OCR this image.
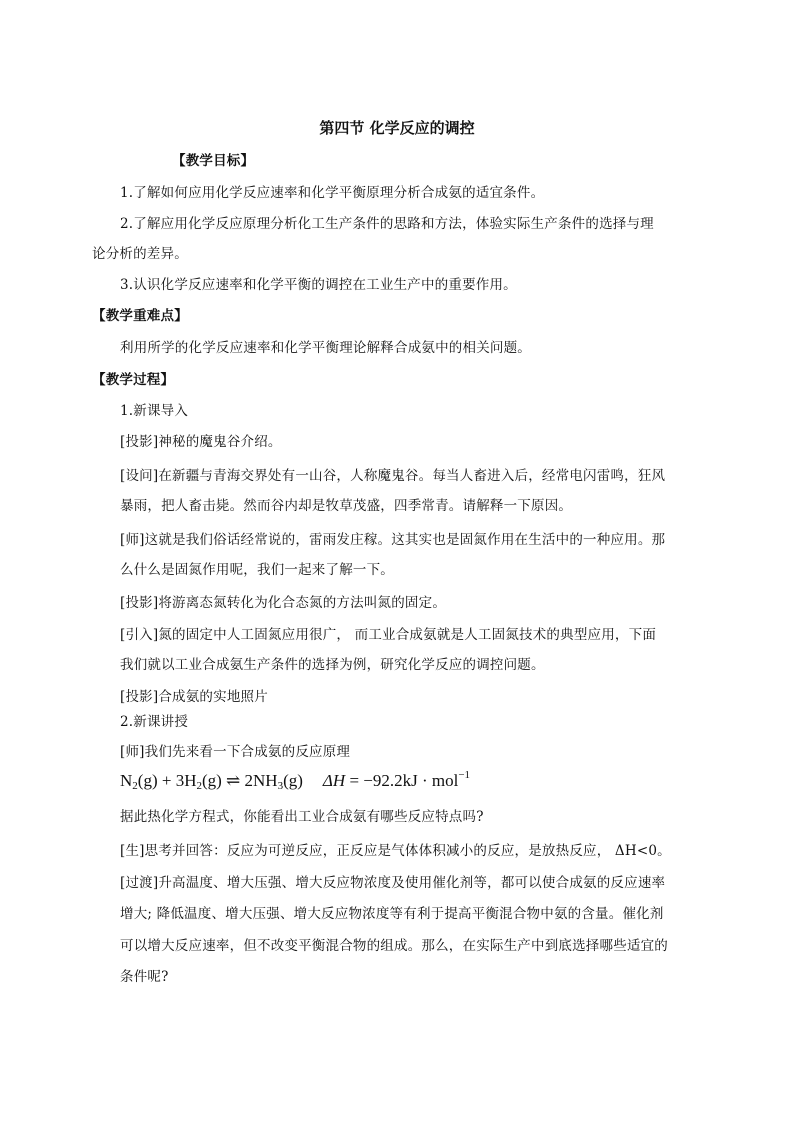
第四节 化学反应的调控

【教学目标】

1.了解如何应用化学反应速率和化学平衡原理分析合成氨的适宜条件。

2.了解应用化学反应原理分析化工生产条件的思路和方法，体验实际生产条件的选择与理

论分析的差异。

3.认识化学反应速率和化学平衡的调控在工业生产中的重要作用。

【教学重难点】

利用所学的化学反应速率和化学平衡理论解释合成氨中的相关问题。

【教学过程】

1.新课导入

[投影]神秘的魔鬼谷介绍。

[设问]在新疆与青海交界处有一山谷，人称魔鬼谷。每当人畜进入后，经常电闪雷鸣，狂风

暴雨，把人畜击毙。然而谷内却是牧草茂盛，四季常青。请解释一下原因。

[师]这就是我们俗话经常说的，雷雨发庄稼。这其实也是固氮作用在生活中的一种应用。那

么什么是固氮作用呢，我们一起来了解一下。

[投影]将游离态氮转化为化合态氮的方法叫氮的固定。

[引入]氮的固定中人工固氮应用很广， 而工业合成氨就是人工固氮技术的典型应用，下面

我们就以工业合成氨生产条件的选择为例，研究化学反应的调控问题。

[投影]合成氨的实地照片

2.新课讲授

[师]我们先来看一下合成氨的反应原理

$N_2(g) + 3H_2(g)$ ⇌ $2NH_3(g) \Delta H = -92.2kJ \cdot mol^{-1}$

据此热化学方程式，你能看出工业合成氨有哪些反应特点吗?

[生]思考并回答：反应为可逆反应，正反应是气体体积减小的反应，是放热反应， ΔH<0。

[过渡]升高温度、增大压强、增大反应物浓度及使用催化剂等，都可以使合成氨的反应速率

增大; 降低温度、增大压强、增大反应物浓度等有利于提高平衡混合物中氨的含量。催化剂

可以增大反应速率，但不改变平衡混合物的组成。那么，在实际生产中到底选择哪些适宜的

条件呢?
